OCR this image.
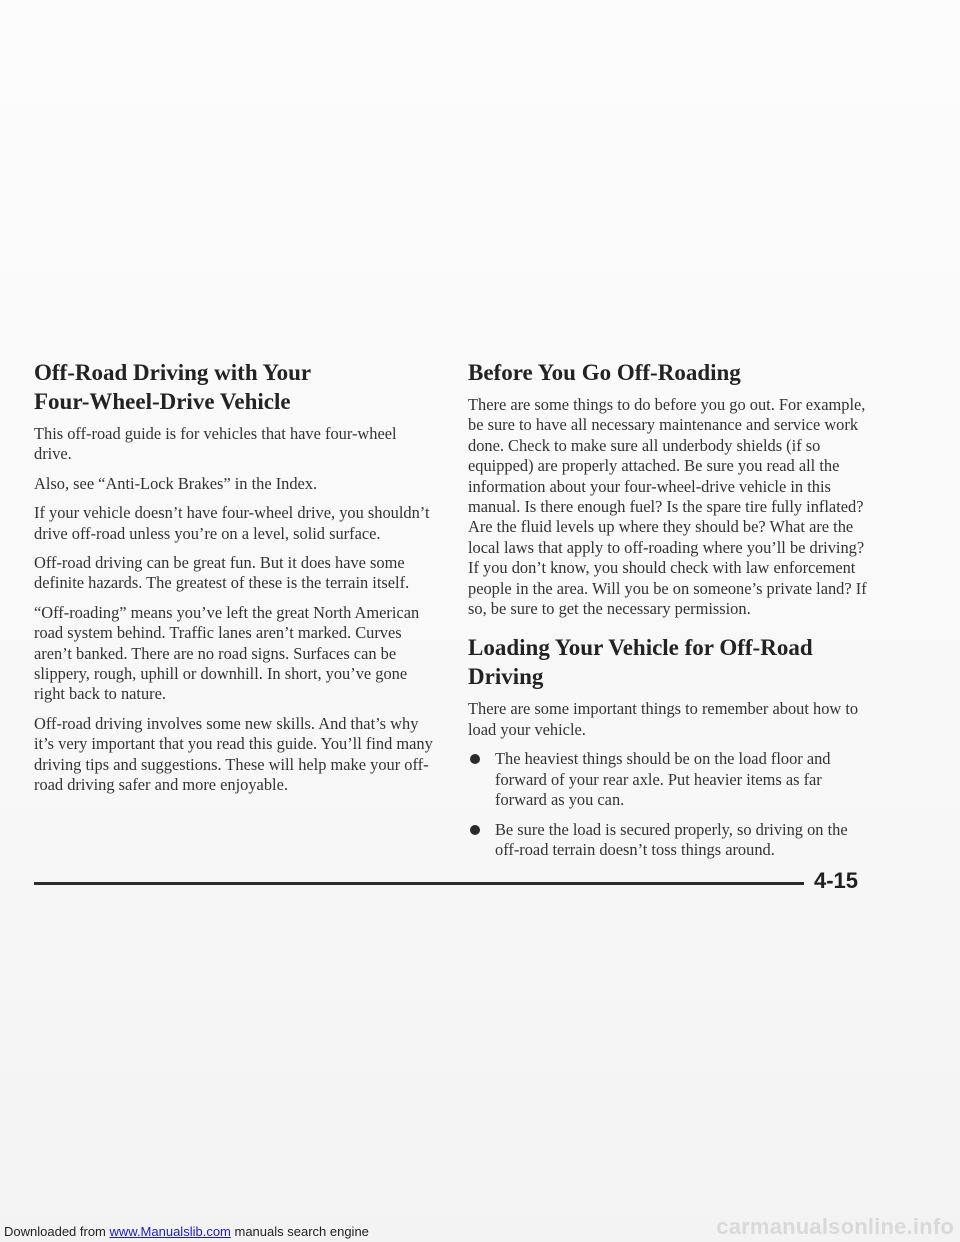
Off-Road Driving with Your
Four-Wheel-Drive Vehicle

This off-road guide is for vehicles that have four-wheel drive.

Also, see “Anti-Lock Brakes” in the Index.

If your vehicle doesn’t have four-wheel drive, you shouldn’t drive off-road unless you’re on a level, solid surface.

Off-road driving can be great fun. But it does have some definite hazards. The greatest of these is the terrain itself.

“Off-roading” means you’ve left the great North American road system behind. Traffic lanes aren’t marked. Curves aren’t banked. There are no road signs. Surfaces can be slippery, rough, uphill or downhill. In short, you’ve gone right back to nature.

Off-road driving involves some new skills. And that’s why it’s very important that you read this guide. You’ll find many driving tips and suggestions. These will help make your off-road driving safer and more enjoyable.

Before You Go Off-Roading

There are some things to do before you go out. For example, be sure to have all necessary maintenance and service work done. Check to make sure all underbody shields (if so equipped) are properly attached. Be sure you read all the information about your four-wheel-drive vehicle in this manual. Is there enough fuel? Is the spare tire fully inflated? Are the fluid levels up where they should be? What are the local laws that apply to off-roading where you’ll be driving? If you don’t know, you should check with law enforcement people in the area. Will you be on someone’s private land? If so, be sure to get the necessary permission.

Loading Your Vehicle for Off-Road Driving

There are some important things to remember about how to load your vehicle.

The heaviest things should be on the load floor and forward of your rear axle. Put heavier items as far forward as you can.
Be sure the load is secured properly, so driving on the off-road terrain doesn’t toss things around.
4-15
Downloaded from www.Manualslib.com manuals search engine	carmanualsonline.info
